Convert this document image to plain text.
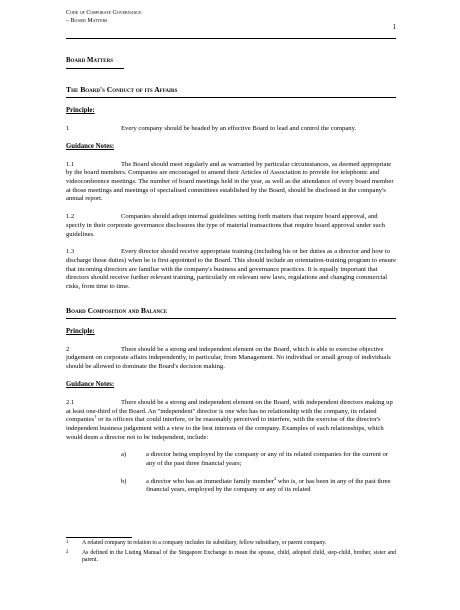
Code of Corporate Governance
– Board Matters
1
Board Matters
The Board's Conduct of its Affairs
Principle:

1	Every company should be headed by an effective Board to lead and control the company.

Guidance Notes:

1.1	The Board should meet regularly and as warranted by particular circumstances, as deemed appropriate by the board members. Companies are encouraged to amend their Articles of Association to provide for telephonic and videoconference meetings. The number of board meetings held in the year, as well as the attendance of every board member at those meetings and meetings of specialised committees established by the Board, should be disclosed in the company's annual report.

1.2	Companies should adopt internal guidelines setting forth matters that require board approval, and specify in their corporate governance disclosures the type of material transactions that require board approval under such guidelines.

1.3	Every director should receive appropriate training (including his or her duties as a director and how to discharge those duties) when he is first appointed to the Board. This should include an orientation-training program to ensure that incoming directors are familiar with the company's business and governance practices. It is equally important that directors should receive further relevant training, particularly on relevant new laws, regulations and changing commercial risks, from time to time.

Board Composition and Balance
Principle:

2	There should be a strong and independent element on the Board, which is able to exercise objective judgement on corporate affairs independently, in particular, from Management. No individual or small group of individuals should be allowed to dominate the Board's decision making.

Guidance Notes:

2.1	There should be a strong and independent element on the Board, with independent directors making up at least one-third of the Board. An "independent" director is one who has no relationship with the company, its related companies$^1$ or its officers that could interfere, or be reasonably perceived to interfere, with the exercise of the director's independent business judgement with a view to the best interests of the company. Examples of such relationships, which would deem a director not to be independent, include:

a)	a director being employed by the company or any of its related companies for the current or any of the past three financial years;
b)	a director who has an immediate family member$^2$ who is, or has been in any of the past three financial years, employed by the company or any of its related
1 A related company in relation to a company includes its subsidiary, fellow subsidiary, or parent company.
2 As defined in the Listing Manual of the Singapore Exchange to mean the spouse, child, adopted child, step-child, brother, sister and parent.
